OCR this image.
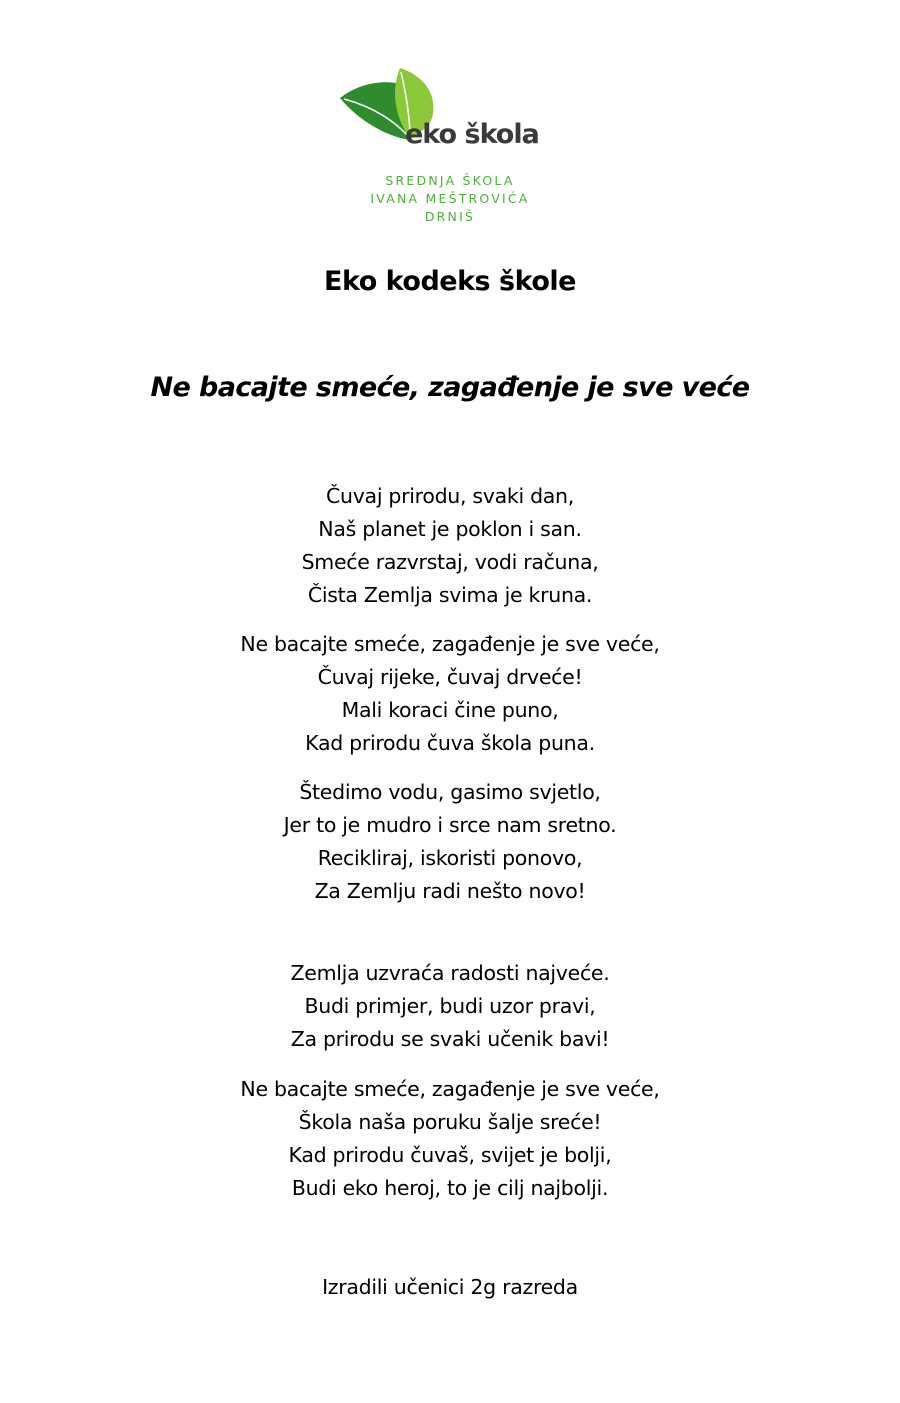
eko škola
SREDNJA ŠKOLA
IVANA MEŠTROVIĆA
DRNIŠ
Eko kodeks škole
Ne bacajte smeće, zagađenje je sve veće
Čuvaj prirodu, svaki dan,
Naš planet je poklon i san.
Smeće razvrstaj, vodi računa,
Čista Zemlja svima je kruna.
Ne bacajte smeće, zagađenje je sve veće,
Čuvaj rijeke, čuvaj drveće!
Mali koraci čine puno,
Kad prirodu čuva škola puna.
Štedimo vodu, gasimo svjetlo,
Jer to je mudro i srce nam sretno.
Recikliraj, iskoristi ponovo,
Za Zemlju radi nešto novo!
Zemlja uzvraća radosti najveće.
Budi primjer, budi uzor pravi,
Za prirodu se svaki učenik bavi!
Ne bacajte smeće, zagađenje je sve veće,
Škola naša poruku šalje sreće!
Kad prirodu čuvaš, svijet je bolji,
Budi eko heroj, to je cilj najbolji.
Izradili učenici 2g razreda
